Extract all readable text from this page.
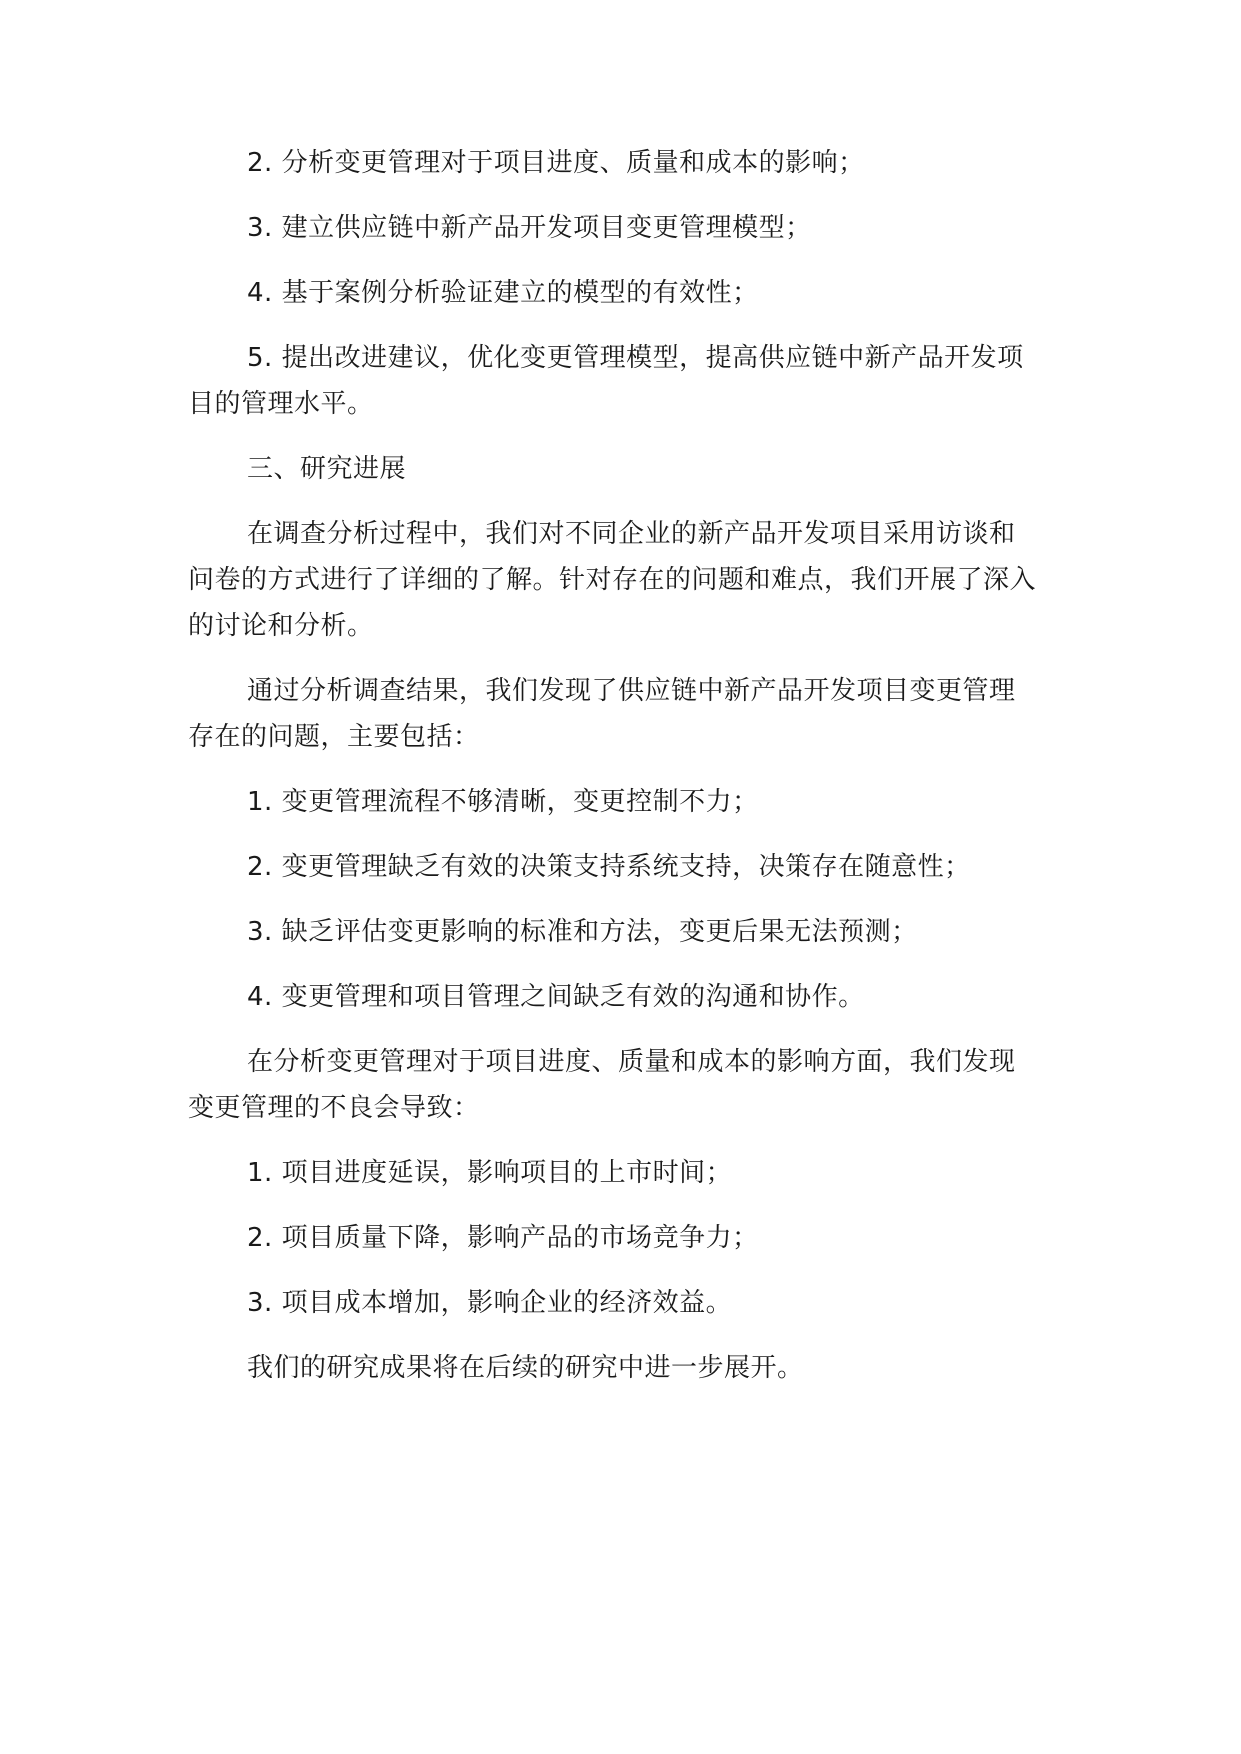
2. 分析变更管理对于项目进度、质量和成本的影响；

3. 建立供应链中新产品开发项目变更管理模型；

4. 基于案例分析验证建立的模型的有效性；

5. 提出改进建议，优化变更管理模型，提高供应链中新产品开发项目的管理水平。

三、研究进展

在调查分析过程中，我们对不同企业的新产品开发项目采用访谈和问卷的方式进行了详细的了解。针对存在的问题和难点，我们开展了深入的讨论和分析。

通过分析调查结果，我们发现了供应链中新产品开发项目变更管理存在的问题，主要包括：

1. 变更管理流程不够清晰，变更控制不力；

2. 变更管理缺乏有效的决策支持系统支持，决策存在随意性；

3. 缺乏评估变更影响的标准和方法，变更后果无法预测；

4. 变更管理和项目管理之间缺乏有效的沟通和协作。

在分析变更管理对于项目进度、质量和成本的影响方面，我们发现变更管理的不良会导致：

1. 项目进度延误，影响项目的上市时间；

2. 项目质量下降，影响产品的市场竞争力；

3. 项目成本增加，影响企业的经济效益。

我们的研究成果将在后续的研究中进一步展开。
